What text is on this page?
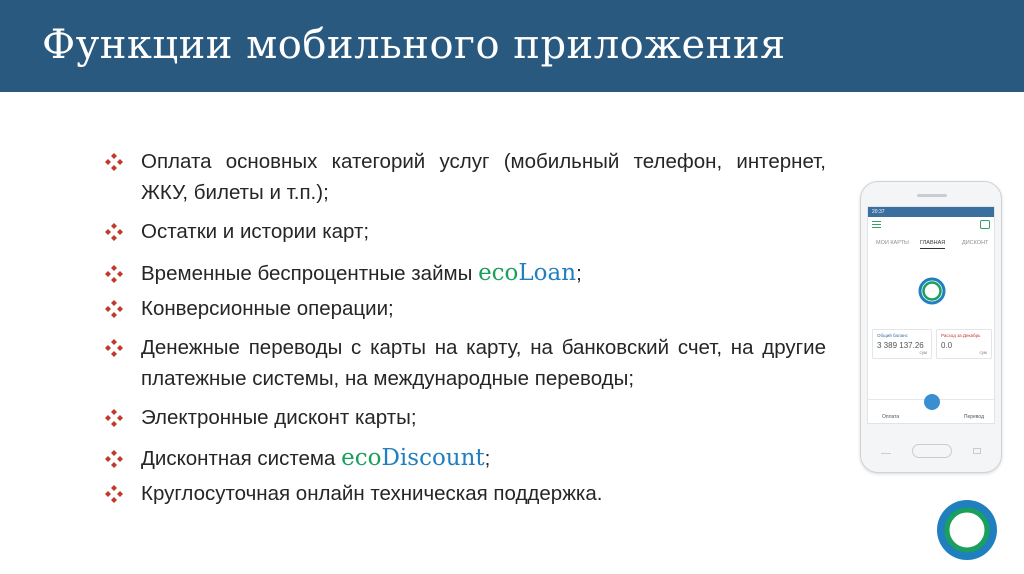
Функции мобильного приложения
Оплата основных категорий услуг (мобильный телефон, интернет, ЖКУ, билеты и т.п.);
Остатки и истории карт;
Временные беспроцентные займы ecoLoan;
Конверсионные операции;
Денежные переводы с карты на карту, на банковский счет, на другие платежные системы, на международные переводы;
Электронные дисконт карты;
Дисконтная система ecoDiscount;
Круглосуточная онлайн техническая поддержка.
20:37
МОИ КАРТЫ ГЛАВНАЯ	ДИСКОНТ
Общий баланс
3 389 137.26
сум
Расход за Декабрь
0.0
сум
Оплата	Перевод
